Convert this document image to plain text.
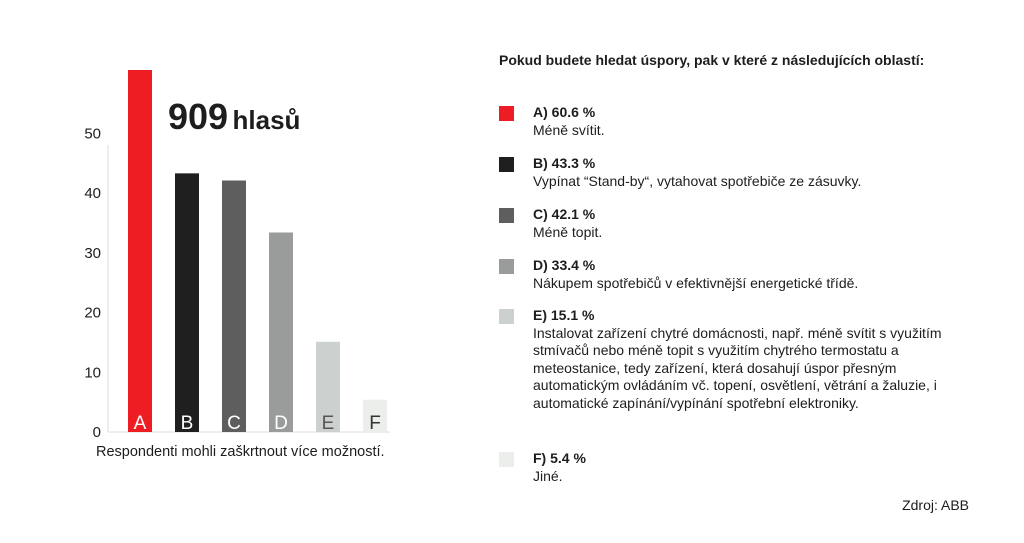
0
10
20
30
40
50
A B C D E F
909 hlasů
Respondenti mohli zaškrtnout více možností.
Pokud budete hledat úspory, pak v které z následujících oblastí:
A) 60.6 %
Méně svítit.
B) 43.3 %
Vypínat “Stand-by“, vytahovat spotřebiče ze zásuvky.
C) 42.1 %
Méně topit.
D) 33.4 %
Nákupem spotřebičů v efektivnější energetické třídě.
E) 15.1 %
Instalovat zařízení chytré domácnosti, např. méně svítit s využitím stmívačů nebo méně topit s využitím chytrého termostatu a meteostanice, tedy zařízení, která dosahují úspor přesným automatickým ovládáním vč. topení, osvětlení, větrání a žaluzie, i automatické zapínání/vypínání spotřební elektroniky.
F) 5.4 %
Jiné.
Zdroj: ABB
